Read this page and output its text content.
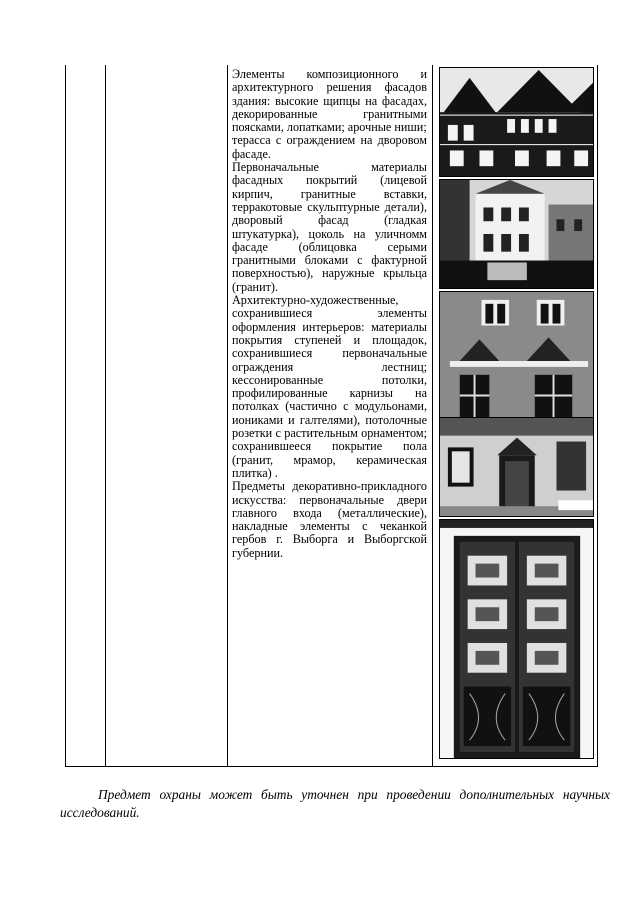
Элементы композиционного и архитектурного решения фасадов здания: высокие щипцы на фасадах, декорированные гранитными поясками, лопатками; арочные ниши;

терасса с ограждением на дворовом фасаде.

Первоначальные материалы фасадных покрытий (лицевой кирпич, гранитные вставки, терракотовые скульптурные детали), дворовый фасад (гладкая штукатурка), цоколь на уличномм фасаде (облицовка серыми гранитными блоками с фактурной поверхностью), наружные крыльца (гранит).

Архитектурно-художественные, сохранившиеся элементы оформления интерьеров: материалы покрытия ступеней и площадок, сохранившиеся первоначальные ограждения лестниц; кессонированные потолки, профилированные карнизы на потолках (частично с модульонами, иониками и галтелями), потолочные розетки с растительным орнаментом; сохранившееся покрытие пола (гранит, мрамор, керамическая плитка) .

Предметы декоративно-прикладного искусства: первоначальные двери главного входа (металлические), накладные элементы с чеканкой гербов г. Выборга и Выборгской губернии.

Предмет охраны может быть уточнен при проведении дополнительных научных исследований.
